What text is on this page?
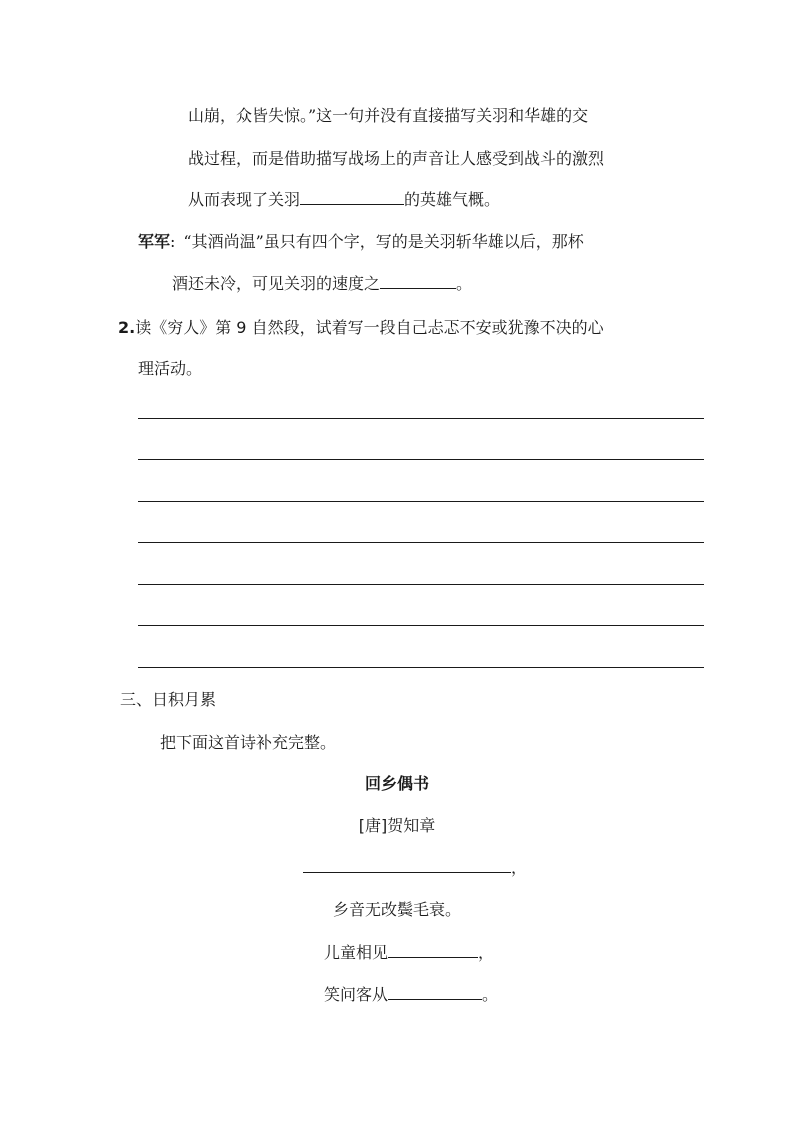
山崩，众皆失惊。”这一句并没有直接描写关羽和华雄的交
战过程，而是借助描写战场上的声音让人感受到战斗的激烈
从而表现了关羽	的英雄气概。
军军: “其酒尚温”虽只有四个字，写的是关羽斩华雄以后，那杯
酒还未冷，可见关羽的速度之	。
2.读《穷人》第 9 自然段，试着写一段自己忐忑不安或犹豫不决的心
理活动。
三、日积月累
把下面这首诗补充完整。
回乡偶书
[唐]贺知章
，
乡音无改鬓毛衰。
儿童相见	，
笑问客从	。
